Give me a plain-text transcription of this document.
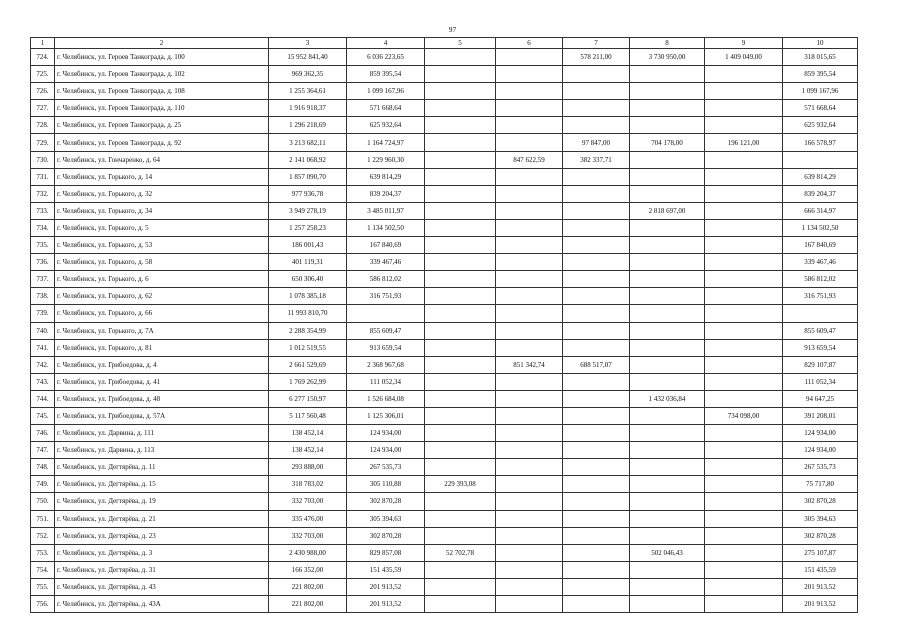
97
1	2	3	4	5	6	7	8	9	10
724.	г. Челябинск, ул. Героев Танкограда, д. 100	15 952 841,40	6 036 223,65			578 211,00	3 730 950,00	1 409 049,00	318 015,65
725.	г. Челябинск, ул. Героев Танкограда, д. 102	969 362,35	859 395,54						859 395,54
726.	г. Челябинск, ул. Героев Танкограда, д. 108	1 255 364,61	1 099 167,96						1 099 167,96
727.	г. Челябинск, ул. Героев Танкограда, д. 110	1 916 918,37	571 668,64						571 668,64
728.	г. Челябинск, ул. Героев Танкограда, д. 25	1 296 218,69	625 932,64						625 932,64
729.	г. Челябинск, ул. Героев Танкограда, д. 92	3 213 682,11	1 164 724,97			97 847,00	704 178,00	196 121,00	166 578,97
730.	г. Челябинск, ул. Гончаренко, д. 64	2 141 068,92	1 229 960,30		847 622,59	382 337,71			
731.	г. Челябинск, ул. Горького, д. 14	1 857 090,70	639 814,29						639 814,29
732.	г. Челябинск, ул. Горького, д. 32	977 936,78	839 204,37						839 204,37
733.	г. Челябинск, ул. Горького, д. 34	3 949 278,19	3 485 011,97				2 818 697,00		666 314,97
734.	г. Челябинск, ул. Горького, д. 5	1 257 258,23	1 134 502,50						1 134 502,50
735.	г. Челябинск, ул. Горького, д. 53	186 001,43	167 840,69						167 840,69
736.	г. Челябинск, ул. Горького, д. 58	401 119,31	339 467,46						339 467,46
737.	г. Челябинск, ул. Горького, д. 6	650 306,40	586 812,02						586 812,02
738.	г. Челябинск, ул. Горького, д. 62	1 078 385,18	316 751,93						316 751,93
739.	г. Челябинск, ул. Горького, д. 66	11 993 810,70							
740.	г. Челябинск, ул. Горького, д. 7А	2 288 354,99	855 609,47						855 609,47
741.	г. Челябинск, ул. Горького, д. 81	1 012 519,55	913 659,54						913 659,54
742.	г. Челябинск, ул. Грибоедова, д. 4	2 661 529,69	2 368 967,68		851 342,74	688 517,07			829 107,87
743.	г. Челябинск, ул. Грибоедова, д. 41	1 769 262,99	111 052,34						111 052,34
744.	г. Челябинск, ул. Грибоедова, д. 48	6 277 150,97	1 526 684,08				1 432 036,84		94 647,25
745.	г. Челябинск, ул. Грибоедова, д. 57А	5 117 560,48	1 125 306,01					734 098,00	391 208,01
746.	г. Челябинск, ул. Дарвина, д. 111	138 452,14	124 934,00						124 934,00
747.	г. Челябинск, ул. Дарвина, д. 113	138 452,14	124 934,00						124 934,00
748.	г. Челябинск, ул. Дегтярёва, д. 11	293 888,00	267 535,73						267 535,73
749.	г. Челябинск, ул. Дегтярёва, д. 15	318 783,02	305 110,88	229 393,08					75 717,80
750.	г. Челябинск, ул. Дегтярёва, д. 19	332 703,00	302 870,28						302 870,28
751.	г. Челябинск, ул. Дегтярёва, д. 21	335 476,00	305 394,63						305 394,63
752.	г. Челябинск, ул. Дегтярёва, д. 23	332 703,00	302 870,28						302 870,28
753.	г. Челябинск, ул. Дегтярёва, д. 3	2 430 988,00	829 857,08	52 702,78			502 046,43		275 107,87
754.	г. Челябинск, ул. Дегтярёва, д. 31	166 352,00	151 435,59						151 435,59
755.	г. Челябинск, ул. Дегтярёва, д. 43	221 802,00	201 913,52						201 913,52
756.	г. Челябинск, ул. Дегтярёва, д. 43А	221 802,00	201 913,52						201 913,52
